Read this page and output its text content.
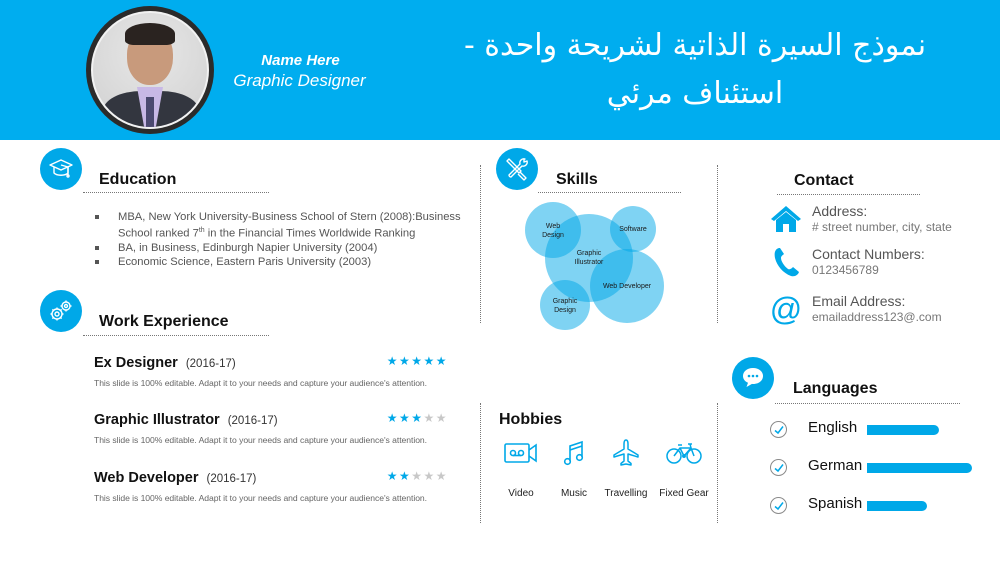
Name Here
Graphic Designer
نموذج السيرة الذاتية لشريحة واحدة - استئناف مرئي
Education
MBA, New York University-Business School of Stern (2008):Business School ranked 7th in the Financial Times Worldwide Ranking
BA, in Business, Edinburgh Napier University (2004)
Economic Science, Eastern Paris University (2003)
Work Experience
Ex Designer (2016-17)	★★★★★
This slide is 100% editable. Adapt it to your needs and capture your audience's attention.
Graphic Illustrator (2016-17)	★★★★★
This slide is 100% editable. Adapt it to your needs and capture your audience's attention.
Web Developer (2016-17)	★★★★★
This slide is 100% editable. Adapt it to your needs and capture your audience's attention.
Skills
Web
Design
Graphic
Illustrator
Software
Web Developer
Graphic
Design
Hobbies
Video	Music	Travelling	Fixed Gear
Contact
Address:
# street number, city, state
Contact Numbers:
0123456789
@ Email Address:
emailaddress123@.com
Languages
English
German
Spanish
